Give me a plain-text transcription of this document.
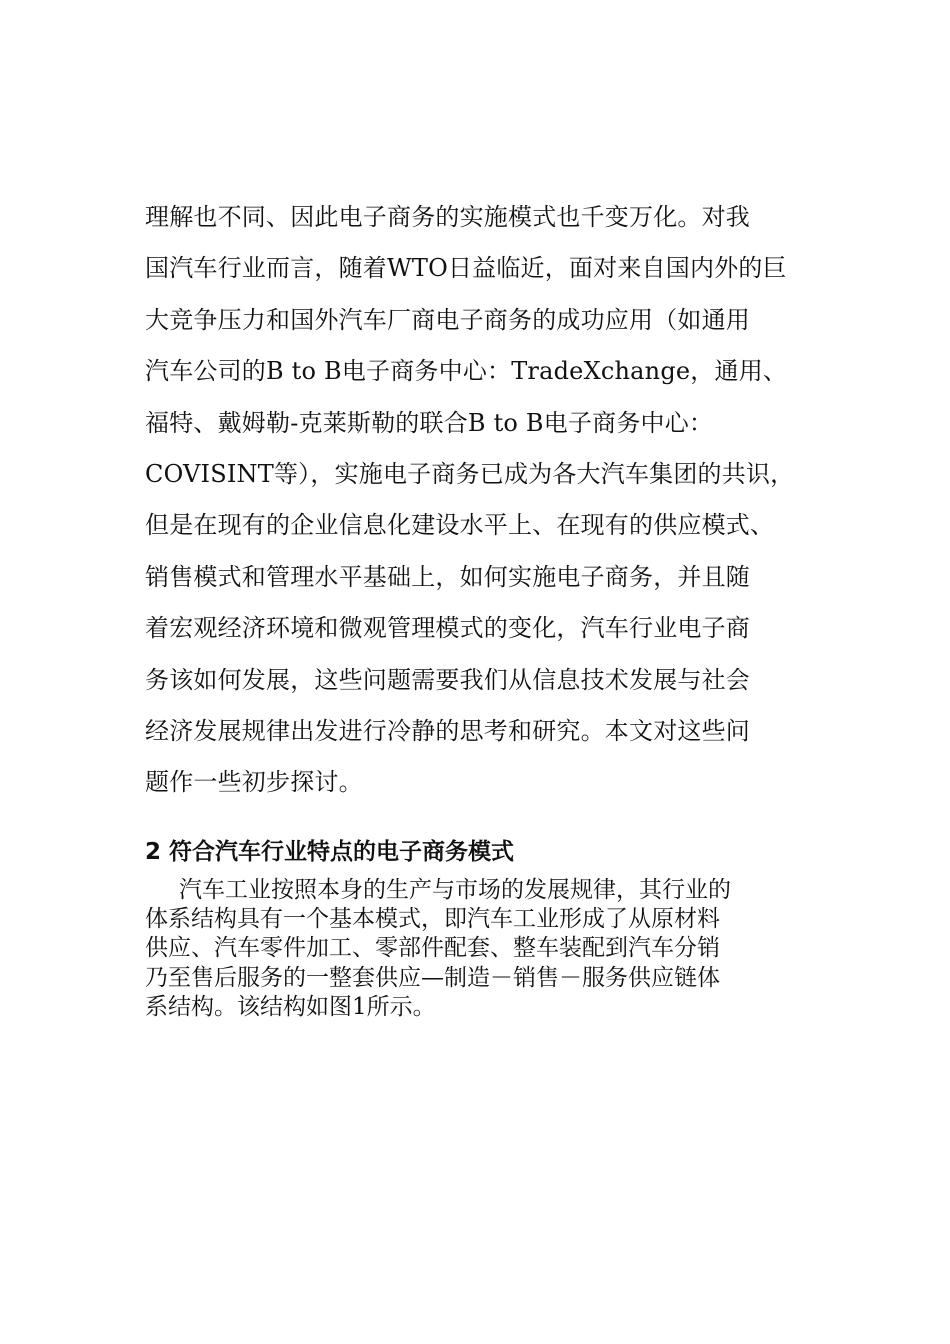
理解也不同、因此电子商务的实施模式也千变万化。对我
国汽车行业而言，随着WTO日益临近，面对来自国内外的巨
大竞争压力和国外汽车厂商电子商务的成功应用（如通用
汽车公司的B to B电子商务中心：TradeXchange，通用、
福特、戴姆勒-克莱斯勒的联合B to B电子商务中心：
COVISINT等），实施电子商务已成为各大汽车集团的共识，
但是在现有的企业信息化建设水平上、在现有的供应模式、
销售模式和管理水平基础上，如何实施电子商务，并且随
着宏观经济环境和微观管理模式的变化，汽车行业电子商
务该如何发展，这些问题需要我们从信息技术发展与社会
经济发展规律出发进行冷静的思考和研究。本文对这些问
题作一些初步探讨。
2 符合汽车行业特点的电子商务模式
汽车工业按照本身的生产与市场的发展规律，其行业的
体系结构具有一个基本模式，即汽车工业形成了从原材料
供应、汽车零件加工、零部件配套、整车装配到汽车分销
乃至售后服务的一整套供应—制造－销售－服务供应链体
系结构。该结构如图1所示。
